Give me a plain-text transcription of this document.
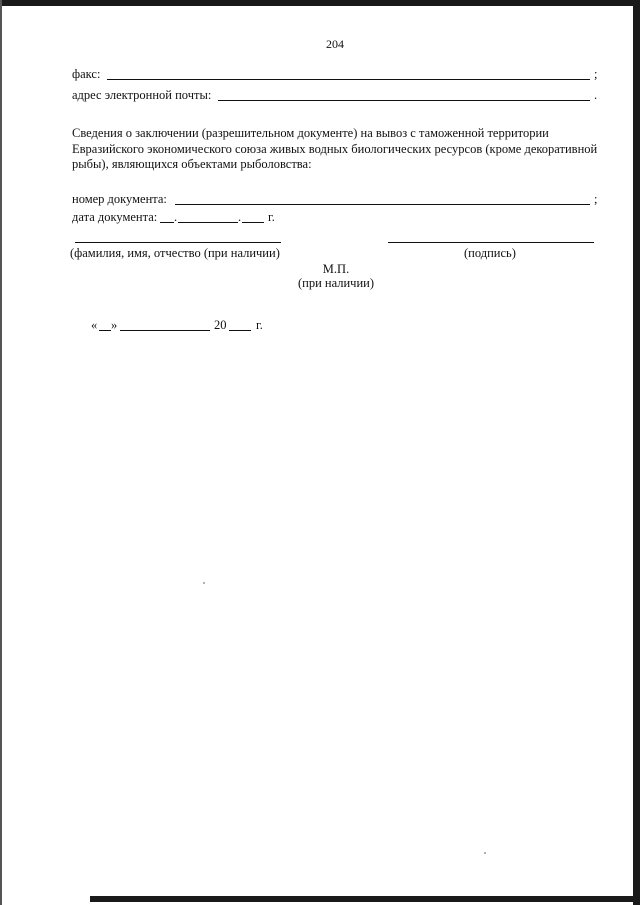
204
факс:	;
адрес электронной почты:	.
Сведения о заключении (разрешительном документе) на вывоз с таможенной территории
Евразийского экономического союза живых водных биологических ресурсов (кроме декоративной
рыбы), являющихся объектами рыболовства:
номер документа:	;
дата документа: .	. г.
(фамилия, имя, отчество (при наличии)	(подпись)
М.П.
(при наличии)
« »	20 г.
